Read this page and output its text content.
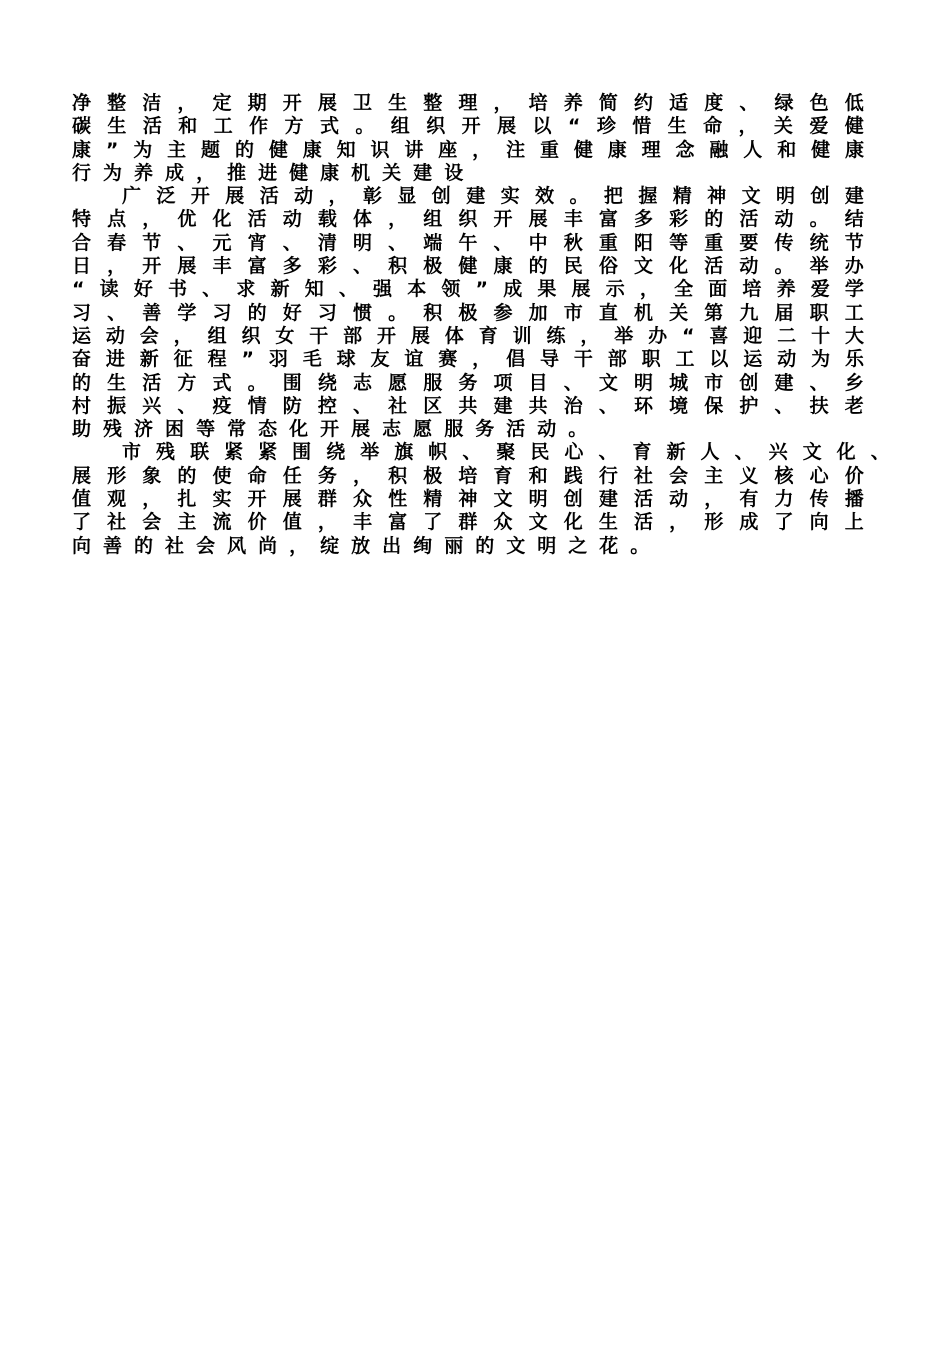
净 整 洁 ， 定 期 开 展 卫 生 整 理 ， 培 养 简 约 适 度 、 绿 色 低
碳 生 活 和 工 作 方 式 。 组 织 开 展 以 “ 珍 惜 生 命 ， 关 爱 健
康 ” 为 主 题 的 健 康 知 识 讲 座 ， 注 重 健 康 理 念 融 人 和 健 康
行 为 养 成 ， 推 进 健 康 机 关 建 设
广 泛 开 展 活 动 ， 彰 显 创 建 实 效 。 把 握 精 神 文 明 创 建
特 点 ， 优 化 活 动 载 体 ， 组 织 开 展 丰 富 多 彩 的 活 动 。 结
合 春 节 、 元 宵 、 清 明 、 端 午 、 中 秋 重 阳 等 重 要 传 统 节
日 ， 开 展 丰 富 多 彩 、 积 极 健 康 的 民 俗 文 化 活 动 。 举 办
“ 读 好 书 、 求 新 知 、 强 本 领 ” 成 果 展 示 ， 全 面 培 养 爱 学
习 、 善 学 习 的 好 习 惯 。 积 极 参 加 市 直 机 关 第 九 届 职 工
运 动 会 ， 组 织 女 干 部 开 展 体 育 训 练 ， 举 办 “ 喜 迎 二 十 大
奋 进 新 征 程 ” 羽 毛 球 友 谊 赛 ， 倡 导 干 部 职 工 以 运 动 为 乐
的 生 活 方 式 。 围 绕 志 愿 服 务 项 目 、 文 明 城 市 创 建 、 乡
村 振 兴 、 疫 情 防 控 、 社 区 共 建 共 治 、 环 境 保 护 、 扶 老
助 残 济 困 等 常 态 化 开 展 志 愿 服 务 活 动 。
市 残 联 紧 紧 围 绕 举 旗 帜 、 聚 民 心 、 育 新 人 、 兴 文 化 、
展 形 象 的 使 命 任 务 ， 积 极 培 育 和 践 行 社 会 主 义 核 心 价
值 观 ， 扎 实 开 展 群 众 性 精 神 文 明 创 建 活 动 ， 有 力 传 播
了 社 会 主 流 价 值 ， 丰 富 了 群 众 文 化 生 活 ， 形 成 了 向 上
向 善 的 社 会 风 尚 ， 绽 放 出 绚 丽 的 文 明 之 花 。
